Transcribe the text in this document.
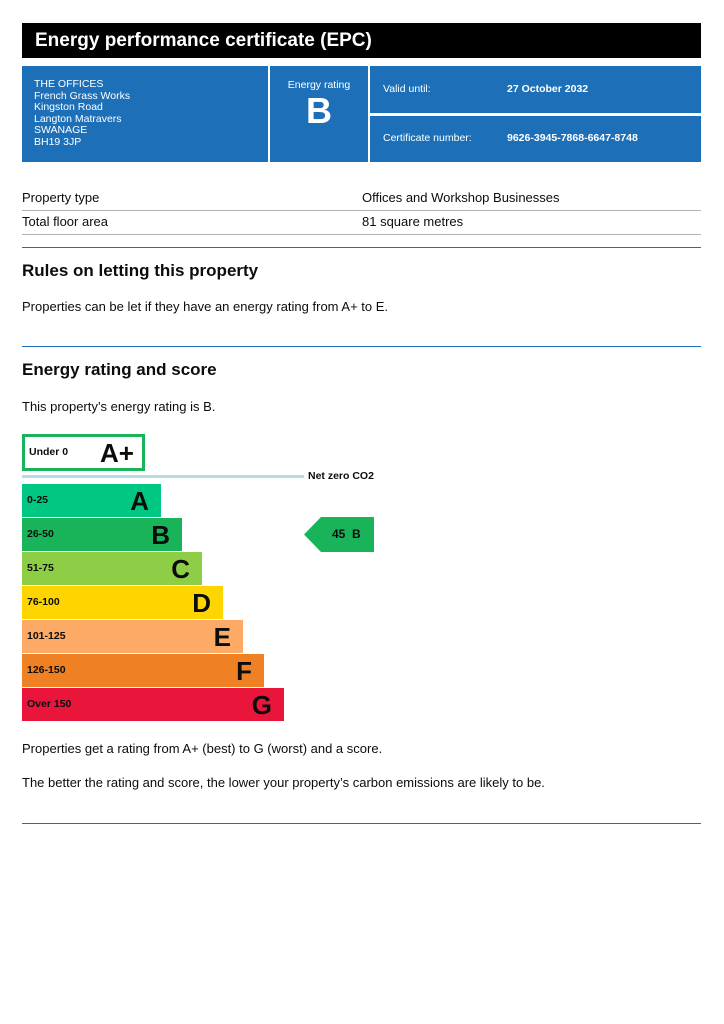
Energy performance certificate (EPC)
THE OFFICES
French Grass Works
Kingston Road
Langton Matravers
SWANAGE
BH19 3JP
Energy rating
B
Valid until:	27 October 2032
Certificate number:	9626-3945-7868-6647-8748
Property type	Offices and Workshop Businesses
Total floor area	81 square metres
Rules on letting this property

Properties can be let if they have an energy rating from A+ to E.

Energy rating and score

This property’s energy rating is B.

Under 0 A+
Net zero CO2
0-25	A
26-50	B
51-75	C
76-100	D
101-125	E
126-150	F
Over 150	G
45 B

Properties get a rating from A+ (best) to G (worst) and a score.

The better the rating and score, the lower your property’s carbon emissions are likely to be.
